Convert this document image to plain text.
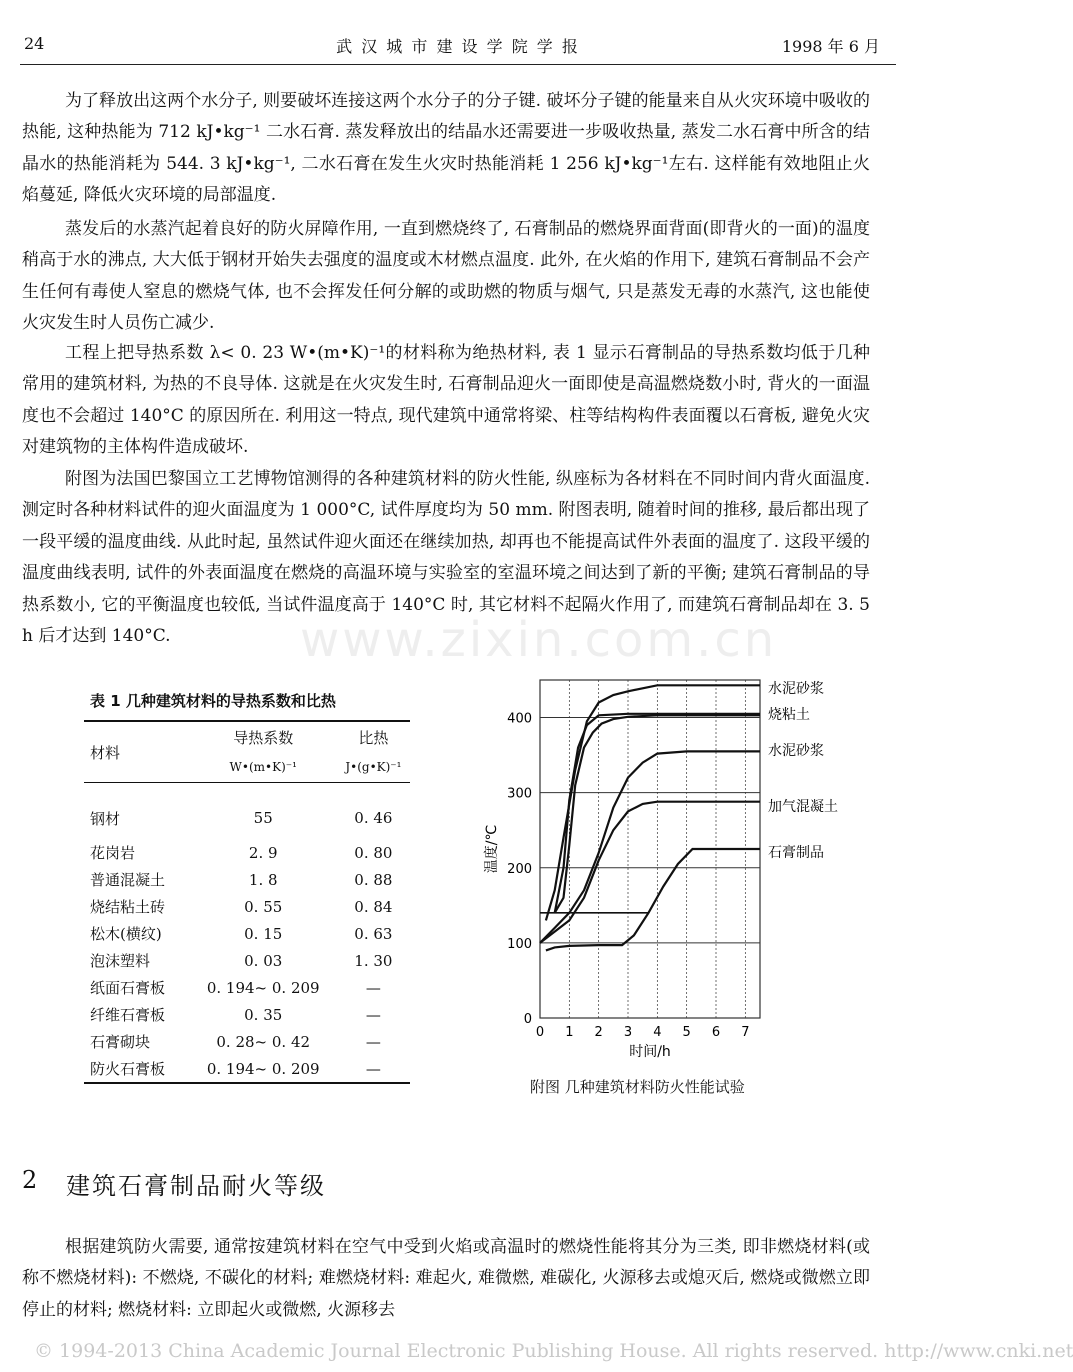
24	武 汉 城 市 建 设 学 院 学 报	1998 年 6 月

为了释放出这两个水分子, 则要破坏连接这两个水分子的分子键. 破坏分子键的能量来自从火灾环境中吸收的热能, 这种热能为 712 kJ•kg⁻¹ 二水石膏. 蒸发释放出的结晶水还需要进一步吸收热量, 蒸发二水石膏中所含的结晶水的热能消耗为 544. 3 kJ•kg⁻¹, 二水石膏在发生火灾时热能消耗 1 256 kJ•kg⁻¹左右. 这样能有效地阻止火焰蔓延, 降低火灾环境的局部温度.

蒸发后的水蒸汽起着良好的防火屏障作用, 一直到燃烧终了, 石膏制品的燃烧界面背面(即背火的一面)的温度稍高于水的沸点, 大大低于钢材开始失去强度的温度或木材燃点温度. 此外, 在火焰的作用下, 建筑石膏制品不会产生任何有毒使人窒息的燃烧气体, 也不会挥发任何分解的或助燃的物质与烟气, 只是蒸发无毒的水蒸汽, 这也能使火灾发生时人员伤亡减少.

工程上把导热系数 λ< 0. 23 W•(m•K)⁻¹的材料称为绝热材料, 表 1 显示石膏制品的导热系数均低于几种常用的建筑材料, 为热的不良导体. 这就是在火灾发生时, 石膏制品迎火一面即使是高温燃烧数小时, 背火的一面温度也不会超过 140°C 的原因所在. 利用这一特点, 现代建筑中通常将梁、柱等结构构件表面覆以石膏板, 避免火灾对建筑物的主体构件造成破坏.

附图为法国巴黎国立工艺博物馆测得的各种建筑材料的防火性能, 纵座标为各材料在不同时间内背火面温度. 测定时各种材料试件的迎火面温度为 1 000°C, 试件厚度均为 50 mm. 附图表明, 随着时间的推移, 最后都出现了一段平缓的温度曲线. 从此时起, 虽然试件迎火面还在继续加热, 却再也不能提高试件外表面的温度了. 这段平缓的温度曲线表明, 试件的外表面温度在燃烧的高温环境与实验室的室温环境之间达到了新的平衡; 建筑石膏制品的导热系数小, 它的平衡温度也较低, 当试件温度高于 140°C 时, 其它材料不起隔火作用了, 而建筑石膏制品却在 3. 5 h 后才达到 140°C.	www.zixin.com.cn
表 1 几种建筑材料的导热系数和比热
材料	导热系数	比热
	W•(m•K)⁻¹	J•(g•K)⁻¹
钢材	55	0. 46
花岗岩	2. 9	0. 80
普通混凝土	1. 8	0. 88
烧结粘土砖	0. 55	0. 84
松木(横纹)	0. 15	0. 63
泡沫塑料	0. 03	1. 30
纸面石膏板	0. 194~ 0. 209	—
纤维石膏板	0. 35	—
石膏砌块	0. 28~ 0. 42	—
防火石膏板	0. 194~ 0. 209	—
0
100
200
300
400
0 1 2 3 4 5 6 7
时间/h
温度/℃
水泥砂浆
烧粘土
水泥砂浆
加气混凝土
石膏制品
附图 几种建筑材料防火性能试验
2 建筑石膏制品耐火等级

根据建筑防火需要, 通常按建筑材料在空气中受到火焰或高温时的燃烧性能将其分为三类, 即非燃烧材料(或称不燃烧材料): 不燃烧, 不碳化的材料; 难燃烧材料: 难起火, 难微燃, 难碳化, 火源移去或熄灭后, 燃烧或微燃立即停止的材料; 燃烧材料: 立即起火或微燃, 火源移去

© 1994-2013 China Academic Journal Electronic Publishing House. All rights reserved. http://www.cnki.net
